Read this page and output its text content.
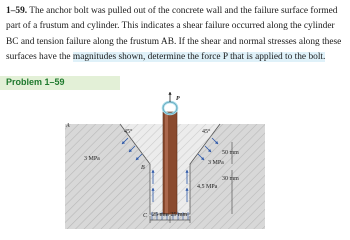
1–59. The anchor bolt was pulled out of the concrete wall and the failure surface formed part of a frustum and cylinder. This indicates a shear failure occurred along the cylinder BC and tension failure along the frustum AB. If the shear and normal stresses along these surfaces have the magnitudes shown, determine the force P that is applied to the bolt.
Problem 1–59
P
A
B
C
45°	45°
3 MPa
3 MPa
4.5 MPa
50 mm
30 mm
25 mm 25 mm
